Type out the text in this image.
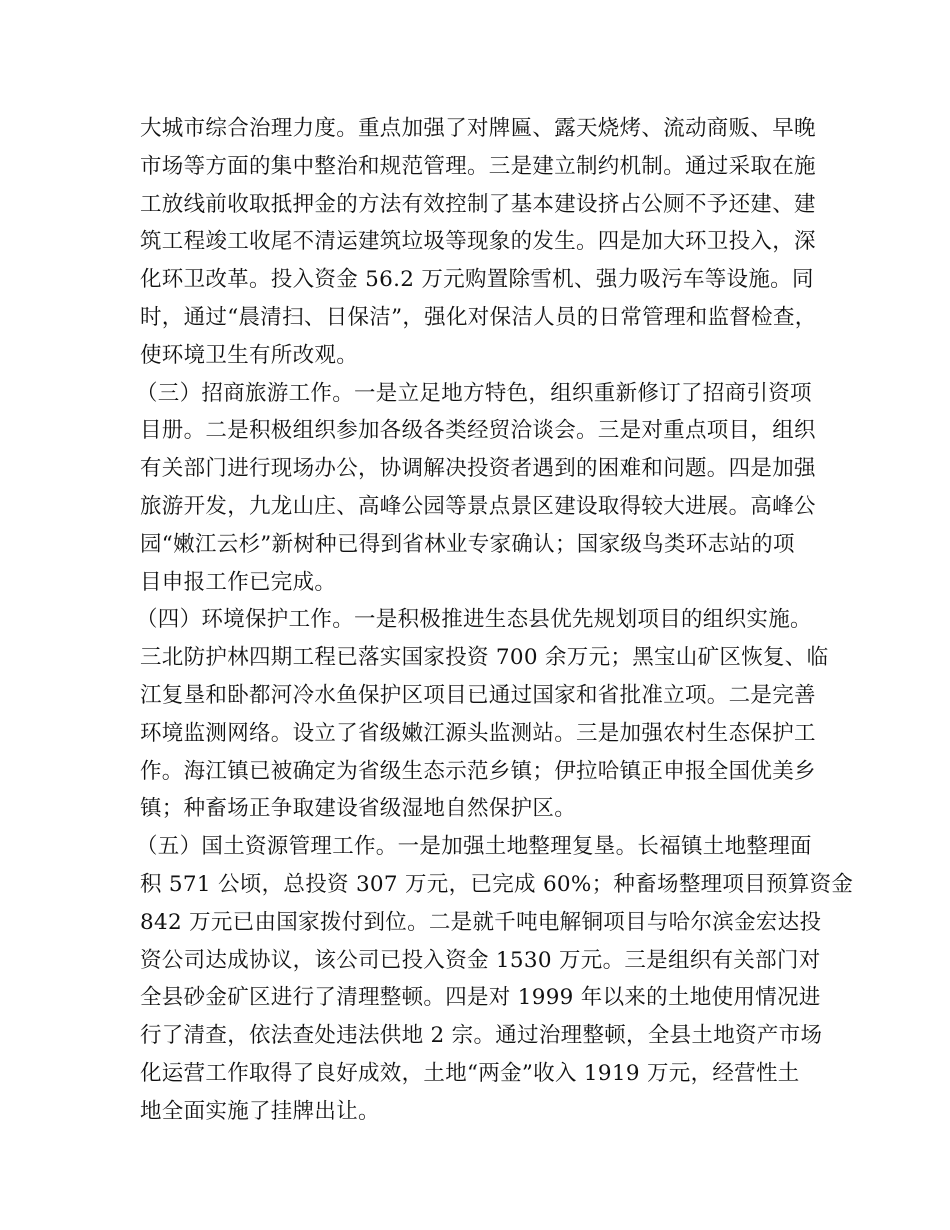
大城市综合治理力度。重点加强了对牌匾、露天烧烤、流动商贩、早晚
市场等方面的集中整治和规范管理。三是建立制约机制。通过采取在施
工放线前收取抵押金的方法有效控制了基本建设挤占公厕不予还建、建
筑工程竣工收尾不清运建筑垃圾等现象的发生。四是加大环卫投入，深
化环卫改革。投入资金 56.2 万元购置除雪机、强力吸污车等设施。同
时，通过“晨清扫、日保洁”，强化对保洁人员的日常管理和监督检查，
使环境卫生有所改观。
（三）招商旅游工作。一是立足地方特色，组织重新修订了招商引资项
目册。二是积极组织参加各级各类经贸洽谈会。三是对重点项目，组织
有关部门进行现场办公，协调解决投资者遇到的困难和问题。四是加强
旅游开发，九龙山庄、高峰公园等景点景区建设取得较大进展。高峰公
园“嫩江云杉”新树种已得到省林业专家确认；国家级鸟类环志站的项
目申报工作已完成。
（四）环境保护工作。一是积极推进生态县优先规划项目的组织实施。
三北防护林四期工程已落实国家投资 700 余万元；黑宝山矿区恢复、临
江复垦和卧都河冷水鱼保护区项目已通过国家和省批准立项。二是完善
环境监测网络。设立了省级嫩江源头监测站。三是加强农村生态保护工
作。海江镇已被确定为省级生态示范乡镇；伊拉哈镇正申报全国优美乡
镇；种畜场正争取建设省级湿地自然保护区。
（五）国土资源管理工作。一是加强土地整理复垦。长福镇土地整理面
积 571 公顷，总投资 307 万元，已完成 60%；种畜场整理项目预算资金
842 万元已由国家拨付到位。二是就千吨电解铜项目与哈尔滨金宏达投
资公司达成协议，该公司已投入资金 1530 万元。三是组织有关部门对
全县砂金矿区进行了清理整顿。四是对 1999 年以来的土地使用情况进
行了清查，依法查处违法供地 2 宗。通过治理整顿，全县土地资产市场
化运营工作取得了良好成效，土地“两金”收入 1919 万元，经营性土
地全面实施了挂牌出让。
